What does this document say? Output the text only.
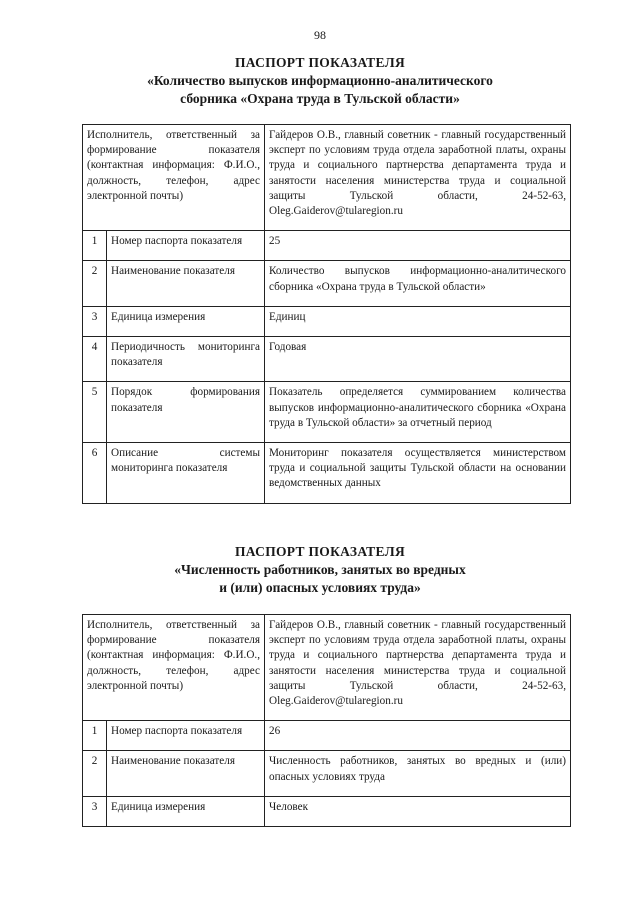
98
ПАСПОРТ ПОКАЗАТЕЛЯ
«Количество выпусков информационно-аналитического
сборника «Охрана труда в Тульской области»
Исполнитель, ответственный за формирование показателя (контактная информация: Ф.И.О., должность, телефон, адрес электронной почты)		Гайдеров О.В., главный советник - главный государственный эксперт по условиям труда отдела заработной платы, охраны труда и социального партнерства департамента труда и занятости населения министерства труда и социальной защиты Тульской области, 24-52-63, Oleg.Gaiderov@tularegion.ru
1	Номер паспорта показателя	25
2	Наименование показателя	Количество выпусков информационно-аналитического сборника «Охрана труда в Тульской области»
3	Единица измерения	Единиц
4	Периодичность мониторинга показателя	Годовая
5	Порядок формирования показателя	Показатель определяется суммированием количества выпусков информационно-аналитического сборника «Охрана труда в Тульской области» за отчетный период
6	Описание системы мониторинга показателя	Мониторинг показателя осуществляется министерством труда и социальной защиты Тульской области на основании ведомственных данных
ПАСПОРТ ПОКАЗАТЕЛЯ
«Численность работников, занятых во вредных
и (или) опасных условиях труда»
Исполнитель, ответственный за формирование показателя (контактная информация: Ф.И.О., должность, телефон, адрес электронной почты)		Гайдеров О.В., главный советник - главный государственный эксперт по условиям труда отдела заработной платы, охраны труда и социального партнерства департамента труда и занятости населения министерства труда и социальной защиты Тульской области, 24-52-63, Oleg.Gaiderov@tularegion.ru
1	Номер паспорта показателя	26
2	Наименование показателя	Численность работников, занятых во вредных и (или) опасных условиях труда
3	Единица измерения	Человек
